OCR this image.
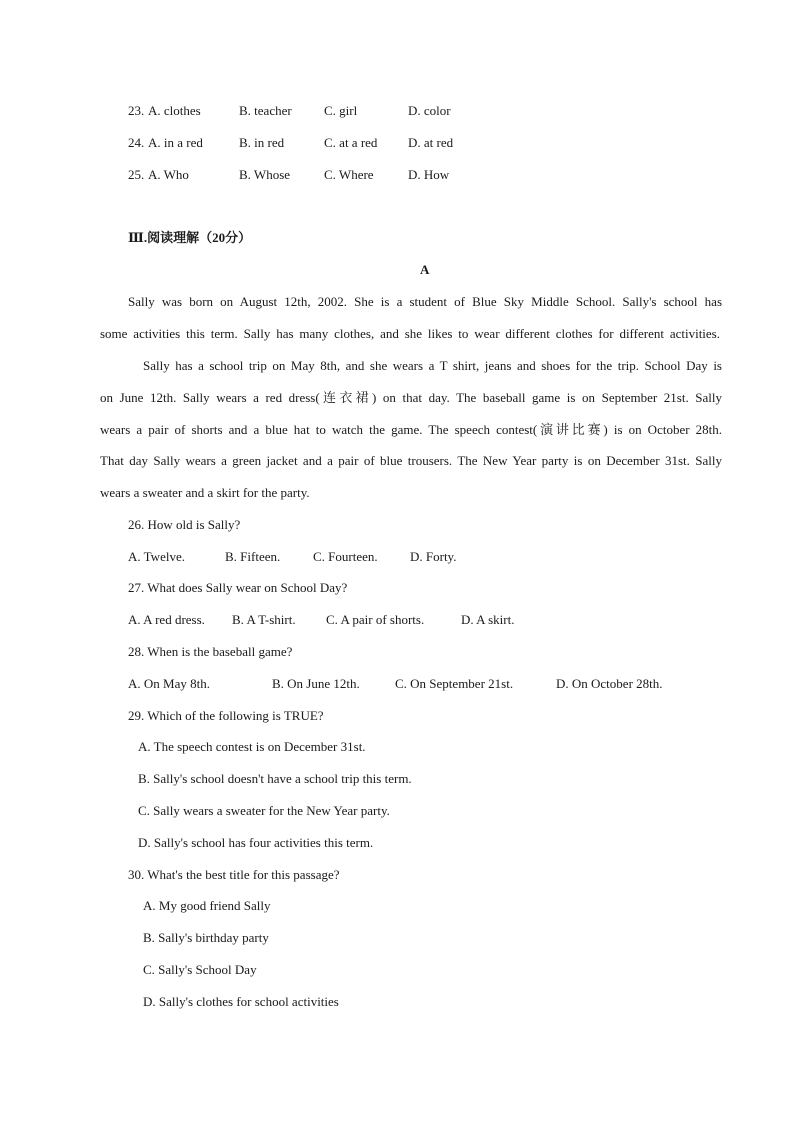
23. A. clothes	B. teacher C. girl	D. color
24. A. in a red	B. in red	C. at a red D. at red
25. A. Who	B. Whose	C. Where	D. How
Ⅲ.阅读理解（20分）
A
Sally was born on August 12th, 2002. She is a student of Blue Sky Middle School. Sally's school has
some activities this term. Sally has many clothes, and she likes to wear different clothes for different activities.
Sally has a school trip on May 8th, and she wears a T shirt, jeans and shoes for the trip. School Day is
on June 12th. Sally wears a red dress(连衣裙) on that day. The baseball game is on September 21st. Sally
wears a pair of shorts and a blue hat to watch the game. The speech contest(演讲比赛) is on October 28th.
That day Sally wears a green jacket and a pair of blue trousers. The New Year party is on December 31st. Sally
wears a sweater and a skirt for the party.
26. How old is Sally?
A. Twelve.	B. Fifteen.	C. Fourteen. D. Forty.
27. What does Sally wear on School Day?
A. A red dress. B. A T-shirt. C. A pair of shorts.	D. A skirt.
28. When is the baseball game?
A. On May 8th.	B. On June 12th.	C. On September 21st.	D. On October 28th.
29. Which of the following is TRUE?
A. The speech contest is on December 31st.
B. Sally's school doesn't have a school trip this term.
C. Sally wears a sweater for the New Year party.
D. Sally's school has four activities this term.
30. What's the best title for this passage?
A. My good friend Sally
B. Sally's birthday party
C. Sally's School Day
D. Sally's clothes for school activities
